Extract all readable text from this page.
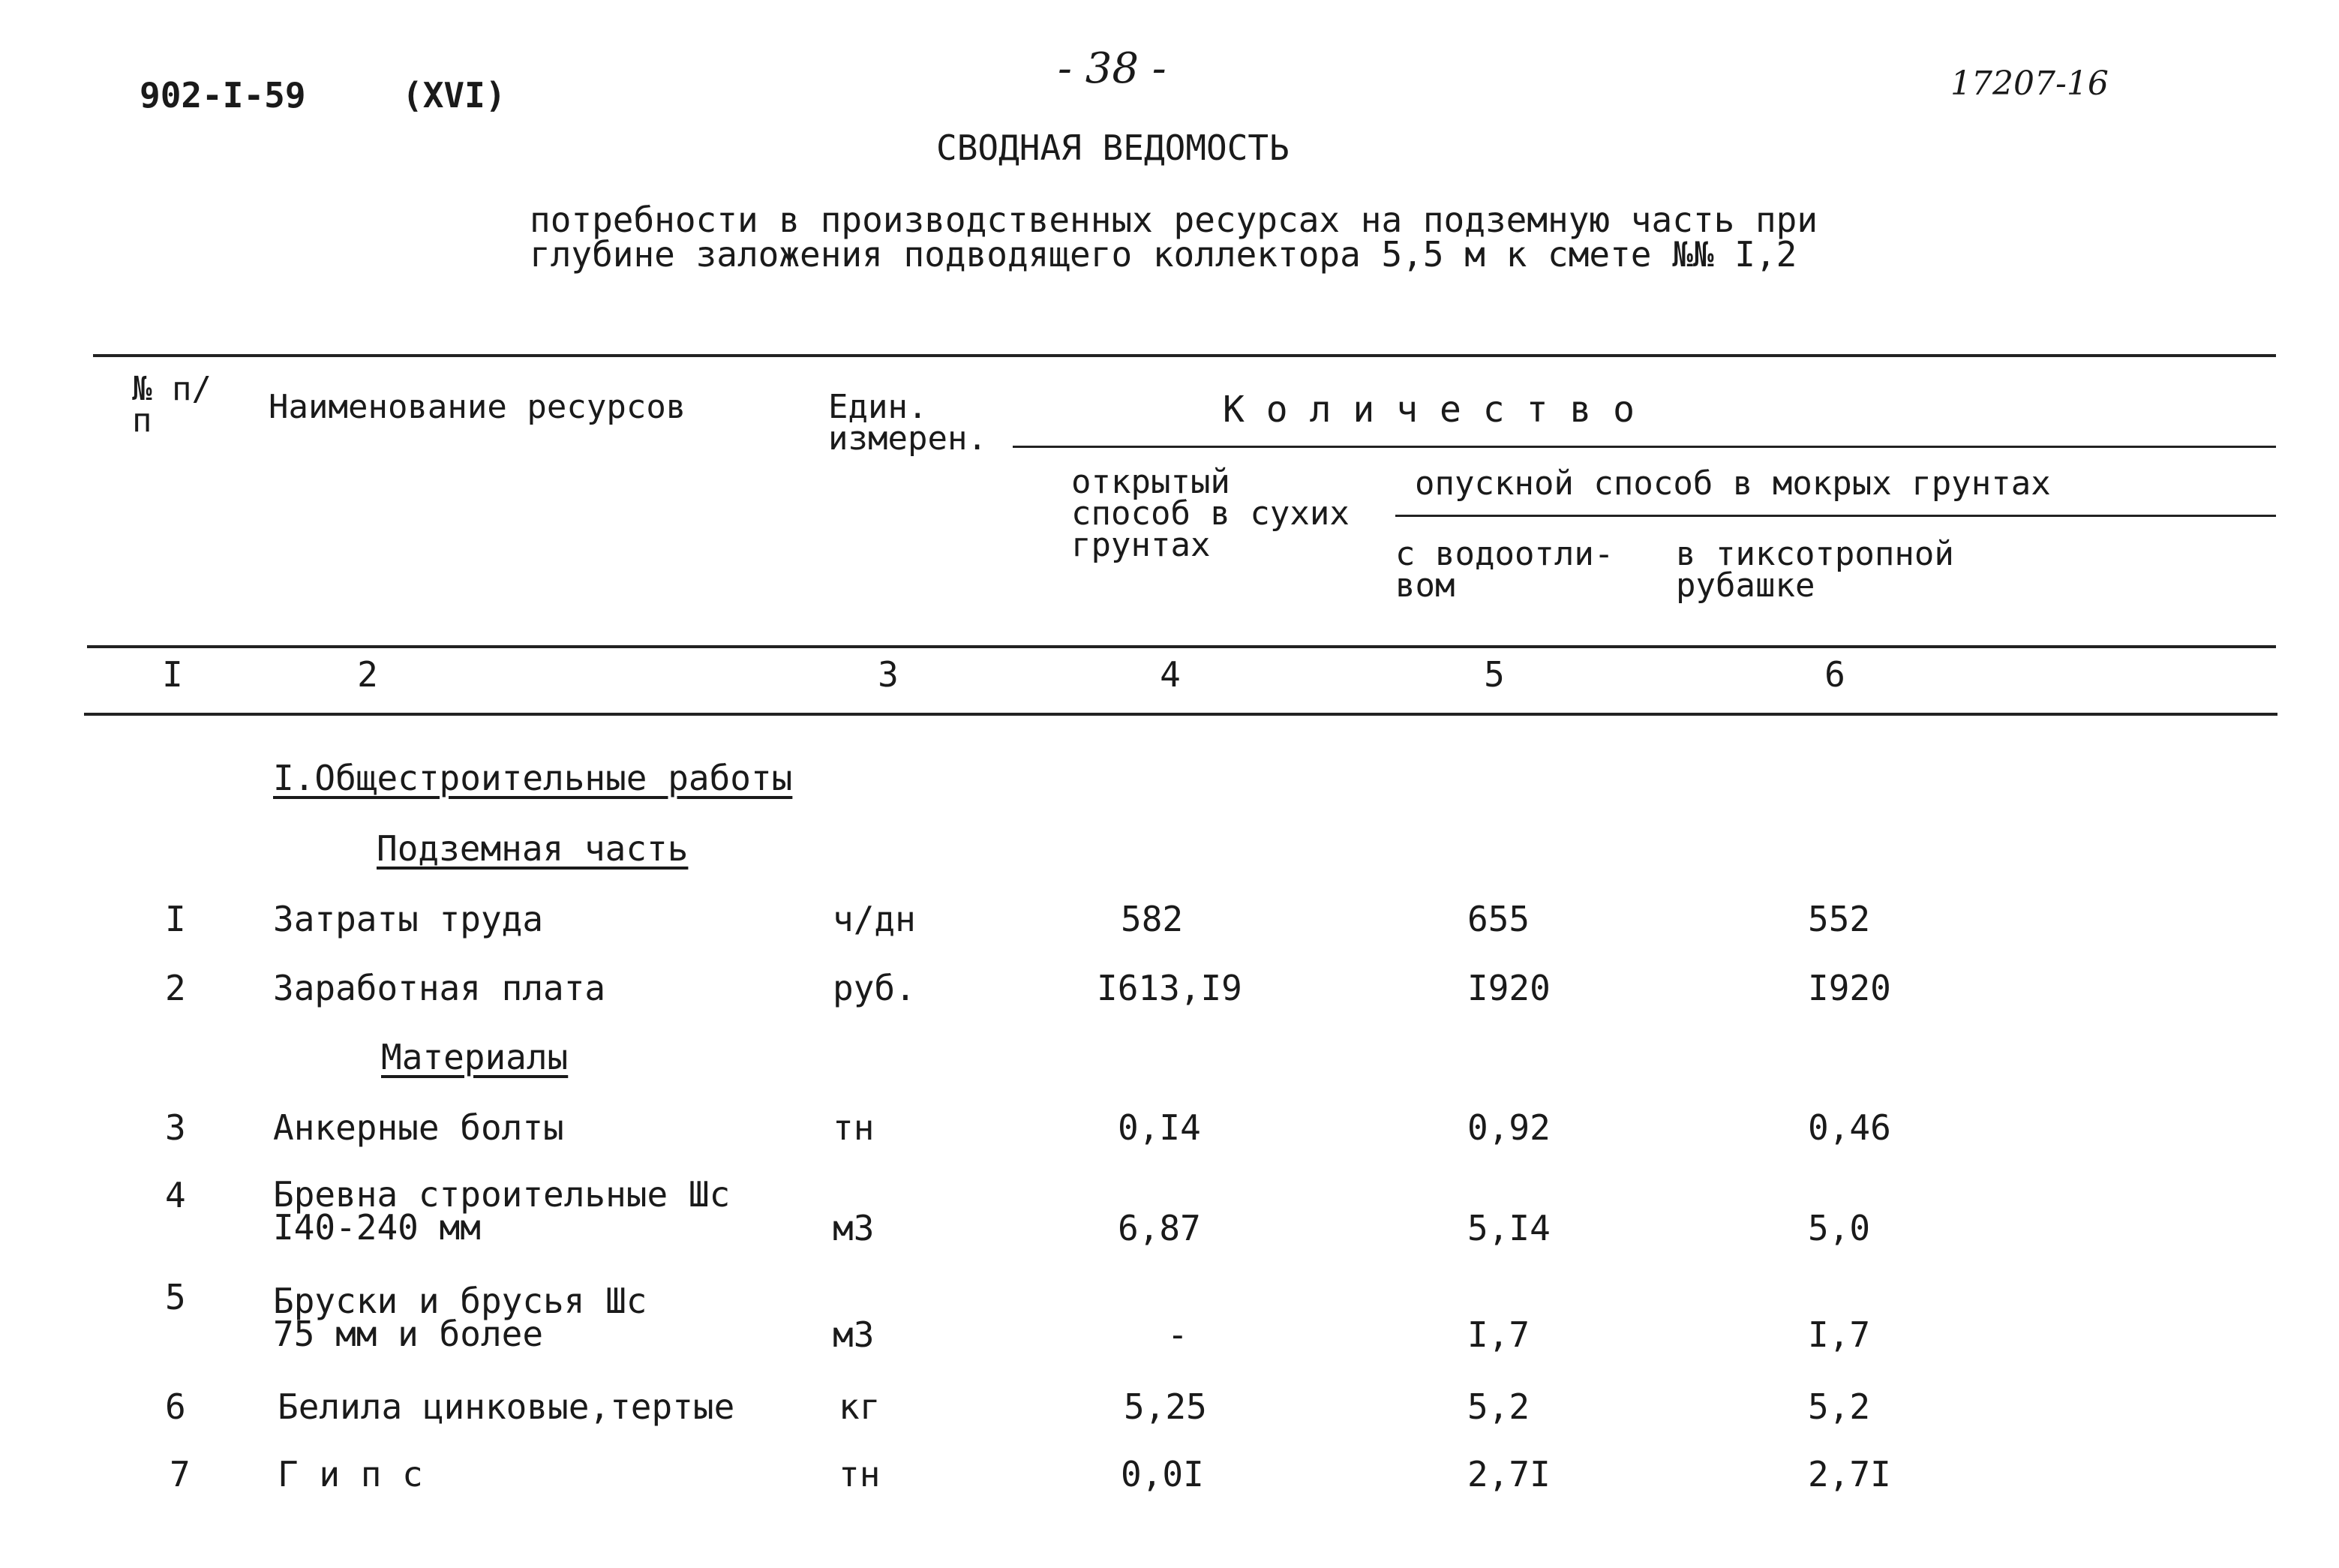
902-I-59	(XVI)
- 38 -	17207-16
СВОДНАЯ ВЕДОМОСТЬ
потребности в производственных ресурсах на подземную часть при
глубине заложения подводящего коллектора 5,5 м к смете №№ I,2
№ п/п	Наименование ресурсов	Един. измерен.
К о л и ч е с т в о
открытый способ в сухих грунтах
опускной способ в мокрых грунтах
с водоотли- вом
в тиксотропной рубашке
I	2	3	4	5	6
I.Общестроительные работы
Подземная часть
Материалы
I	Затраты труда	ч/дн	582	655	552
2	Заработная плата	руб.	I613,I9	I920	I920
3	Анкерные болты	тн	0,I4	0,92	0,46
4	Бревна строительные Шс I40-240 мм	м3	6,87	5,I4	5,0
5	Бруски и брусья Шс 75 мм и более	м3	-	I,7	I,7
6	Белила цинковые,тертые	кг	5,25	5,2	5,2
7	Г и п с	тн	0,0I	2,7I	2,7I
